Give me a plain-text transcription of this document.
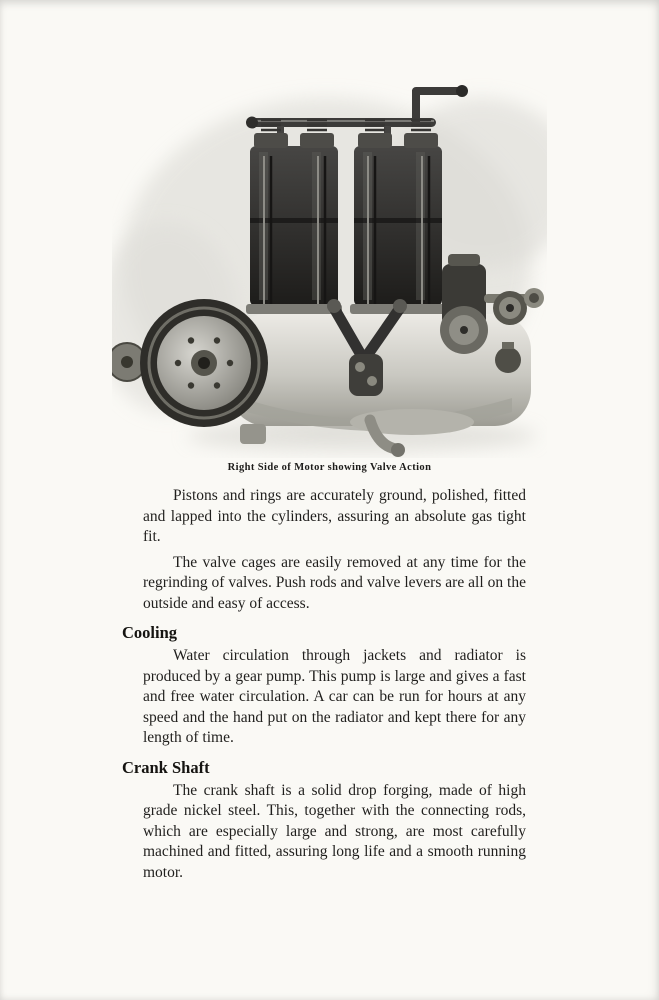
Right Side of Motor showing Valve Action

Pistons and rings are accurately ground, polished, fitted and lapped into the cylinders, assuring an absolute gas tight fit.

The valve cages are easily removed at any time for the regrinding of valves. Push rods and valve levers are all on the outside and easy of access.

Cooling

Water circulation through jackets and radiator is produced by a gear pump. This pump is large and gives a fast and free water circulation. A car can be run for hours at any speed and the hand put on the radiator and kept there for any length of time.

Crank Shaft

The crank shaft is a solid drop forging, made of high grade nickel steel. This, together with the connecting rods, which are especially large and strong, are most carefully machined and fitted, assuring long life and a smooth running motor.
